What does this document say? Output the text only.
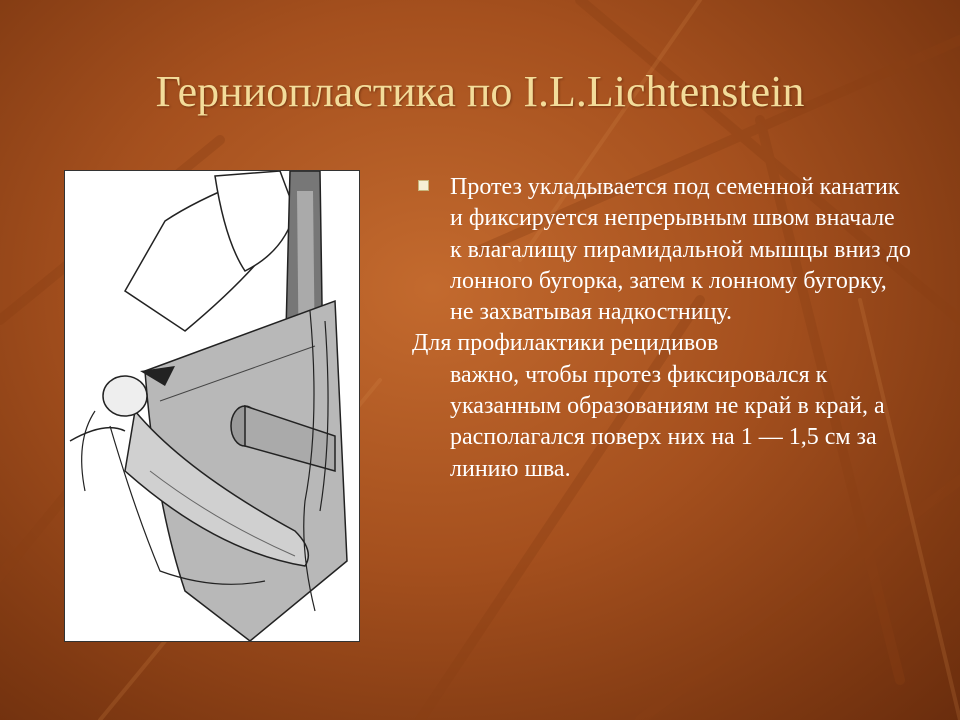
Герниопластика по I.L.Lichtenstein
Протез укладывается под семенной канатик и фиксируется непрерывным швом вначале к влагалищу пирамидальной мышцы вниз до лонного бугорка, затем к лонному бугорку, не захватывая надкостницу.
Для профилактики рецидивов
важно, чтобы протез фиксировался к указанным образованиям не край в край, а располагался поверх них на 1 — 1,5 см за линию шва.
